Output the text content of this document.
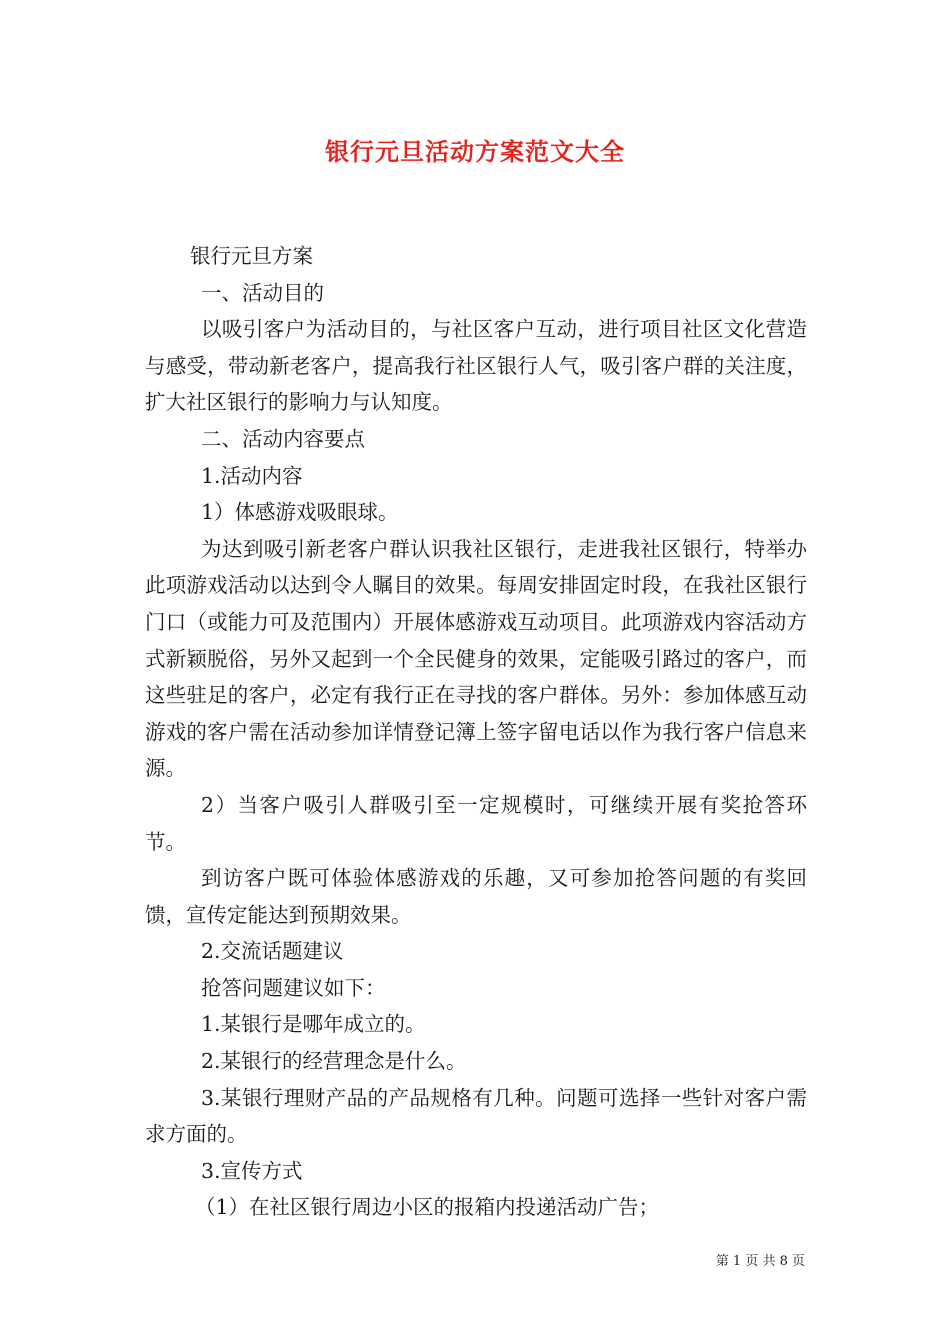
银行元旦活动方案范文大全

银行元旦方案

一、活动目的

以吸引客户为活动目的，与社区客户互动，进行项目社区文化营造与感受，带动新老客户，提高我行社区银行人气，吸引客户群的关注度，扩大社区银行的影响力与认知度。

二、活动内容要点

1.活动内容

1）体感游戏吸眼球。

为达到吸引新老客户群认识我社区银行，走进我社区银行，特举办此项游戏活动以达到令人瞩目的效果。每周安排固定时段，在我社区银行门口（或能力可及范围内）开展体感游戏互动项目。此项游戏内容活动方式新颖脱俗，另外又起到一个全民健身的效果，定能吸引路过的客户，而这些驻足的客户，必定有我行正在寻找的客户群体。另外：参加体感互动游戏的客户需在活动参加详情登记簿上签字留电话以作为我行客户信息来源。

2）当客户吸引人群吸引至一定规模时，可继续开展有奖抢答环节。

到访客户既可体验体感游戏的乐趣，又可参加抢答问题的有奖回馈，宣传定能达到预期效果。

2.交流话题建议

抢答问题建议如下：

1.某银行是哪年成立的。

2.某银行的经营理念是什么。

3.某银行理财产品的产品规格有几种。问题可选择一些针对客户需求方面的。

3.宣传方式

（1）在社区银行周边小区的报箱内投递活动广告；

第 1 页 共 8 页
